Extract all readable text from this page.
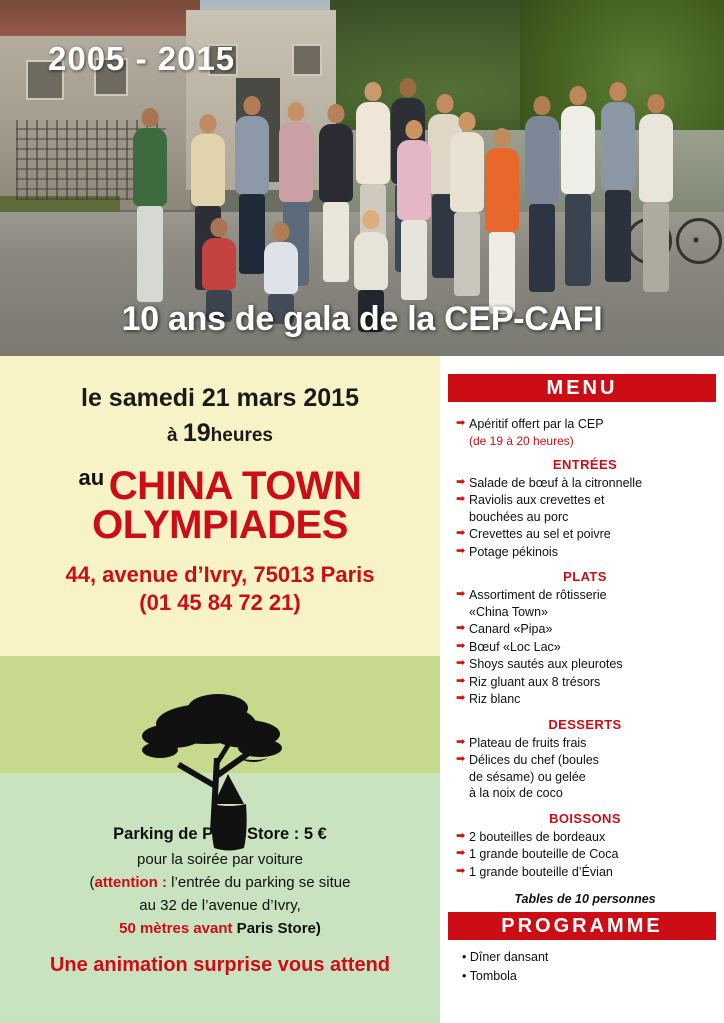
2005 - 2015
10 ans de gala de la CEP-CAFI
le samedi 21 mars 2015
à 19heures
au CHINA TOWN
OLYMPIADES
44, avenue d’Ivry, 75013 Paris
(01 45 84 72 21)
Parking de Paris Store : 5 €
pour la soirée par voiture
(attention : l’entrée du parking se situe
au 32 de l’avenue d’Ivry,
50 mètres avant Paris Store)
Une animation surprise vous attend
MENU
➡ Apéritif offert par la CEP
(de 19 à 20 heures)
ENTRÉES
➡ Salade de bœuf à la citronnelle
➡ Raviolis aux crevettes et
bouchées au porc
➡ Crevettes au sel et poivre
➡ Potage pékinois
PLATS
➡ Assortiment de rôtisserie
«China Town»
➡ Canard «Pipa»
➡ Bœuf «Loc Lac»
➡ Shoys sautés aux pleurotes
➡ Riz gluant aux 8 trésors
➡ Riz blanc
DESSERTS
➡ Plateau de fruits frais
➡ Délices du chef (boules
de sésame) ou gelée
à la noix de coco
BOISSONS
➡ 2 bouteilles de bordeaux
➡ 1 grande bouteille de Coca
➡ 1 grande bouteille d’Évian
Tables de 10 personnes
PROGRAMME
• Dîner dansant
• Tombola
